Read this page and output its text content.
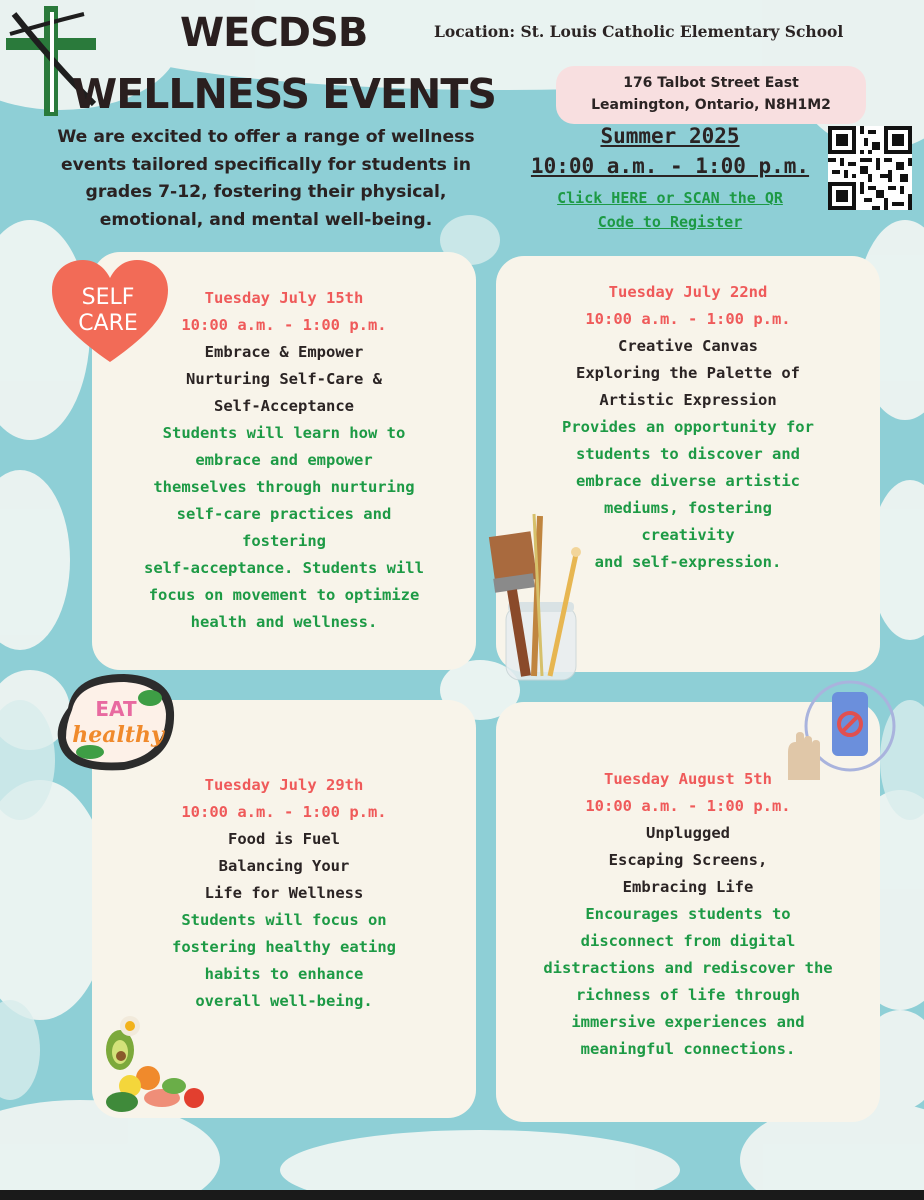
WECDSB
WELLNESS EVENTS
Location: St. Louis Catholic Elementary School
176 Talbot Street East
Leamington, Ontario, N8H1M2
We are excited to offer a range of wellness
events tailored specifically for students in
grades 7-12, fostering their physical,
emotional, and mental well-being.
Summer 2025
10:00 a.m. - 1:00 p.m.
Click HERE or SCAN the QR
Code to Register
Tuesday July 15th
10:00 a.m. - 1:00 p.m.
Embrace & Empower
Nurturing Self-Care &
Self-Acceptance
Students will learn how to
embrace and empower
themselves through nurturing
self-care practices and
fostering
self-acceptance. Students will
focus on movement to optimize
health and wellness.
Tuesday July 22nd
10:00 a.m. - 1:00 p.m.
Creative Canvas
Exploring the Palette of
Artistic Expression
Provides an opportunity for
students to discover and
embrace diverse artistic
mediums, fostering
creativity
and self-expression.
Tuesday July 29th
10:00 a.m. - 1:00 p.m.
Food is Fuel
Balancing Your
Life for Wellness
Students will focus on
fostering healthy eating
habits to enhance
overall well-being.
Tuesday August 5th
10:00 a.m. - 1:00 p.m.
Unplugged
Escaping Screens,
Embracing Life
Encourages students to
disconnect from digital
distractions and rediscover the
richness of life through
immersive experiences and
meaningful connections.
SELF
CARE
EAT
healthy
